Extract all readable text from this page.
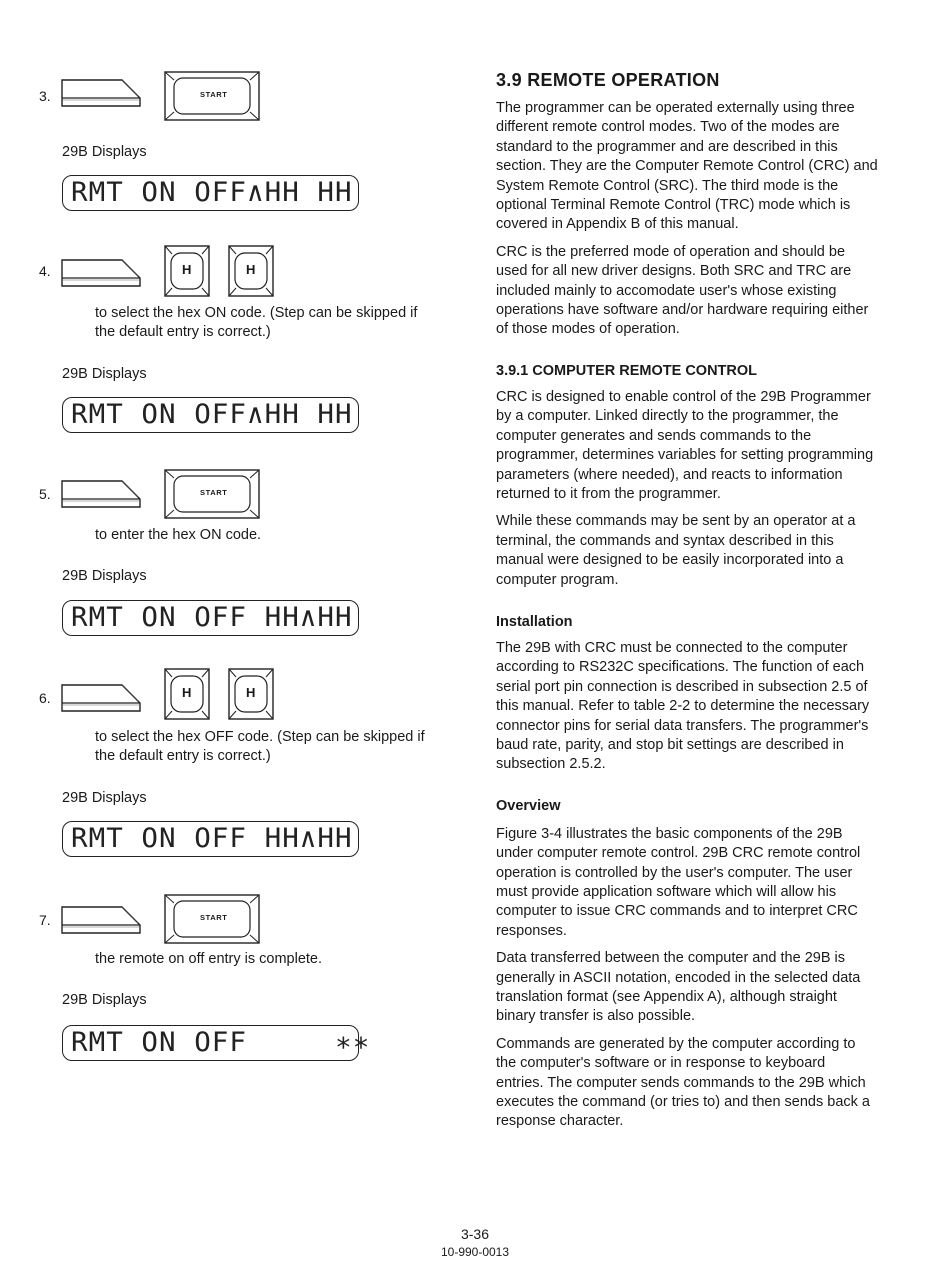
3.	START
29B Displays
RMT ON OFF∧HH HH
4.	H	H
to select the hex ON code. (Step can be skipped if
the default entry is correct.)
29B Displays
RMT ON OFF∧HH HH
5.	START
to enter the hex ON code.
29B Displays
RMT ON OFF HH∧HH
6.	H	H
to select the hex OFF code. (Step can be skipped if
the default entry is correct.)
29B Displays
RMT ON OFF HH∧HH
7.	START
the remote on off entry is complete.
29B Displays
RMT ON OFF     ∗∗
3.9 REMOTE OPERATION

The programmer can be operated externally using three

different remote control modes. Two of the modes are

standard to the programmer and are described in this

section. They are the Computer Remote Control (CRC) and

System Remote Control (SRC). The third mode is the

optional Terminal Remote Control (TRC) mode which is

covered in Appendix B of this manual.

CRC is the preferred mode of operation and should be

used for all new driver designs. Both SRC and TRC are

included mainly to accomodate user's whose existing

operations have software and/or hardware requiring either

of those modes of operation.

3.9.1 COMPUTER REMOTE CONTROL

CRC is designed to enable control of the 29B Programmer

by a computer. Linked directly to the programmer, the

computer generates and sends commands to the

programmer, determines variables for setting programming

parameters (where needed), and reacts to information

returned to it from the programmer.

While these commands may be sent by an operator at a

terminal, the commands and syntax described in this

manual were designed to be easily incorporated into a

computer program.

Installation

The 29B with CRC must be connected to the computer

according to RS232C specifications. The function of each

serial port pin connection is described in subsection 2.5 of

this manual. Refer to table 2-2 to determine the necessary

connector pins for serial data transfers. The programmer's

baud rate, parity, and stop bit settings are described in

subsection 2.5.2.

Overview

Figure 3-4 illustrates the basic components of the 29B

under computer remote control. 29B CRC remote control

operation is controlled by the user's computer. The user

must provide application software which will allow his

computer to issue CRC commands and to interpret CRC

responses.

Data transferred between the computer and the 29B is

generally in ASCII notation, encoded in the selected data

translation format (see Appendix A), although straight

binary transfer is also possible.

Commands are generated by the computer according to

the computer's software or in response to keyboard

entries. The computer sends commands to the 29B which

executes the command (or tries to) and then sends back a

response character.

3-36
10-990-0013
